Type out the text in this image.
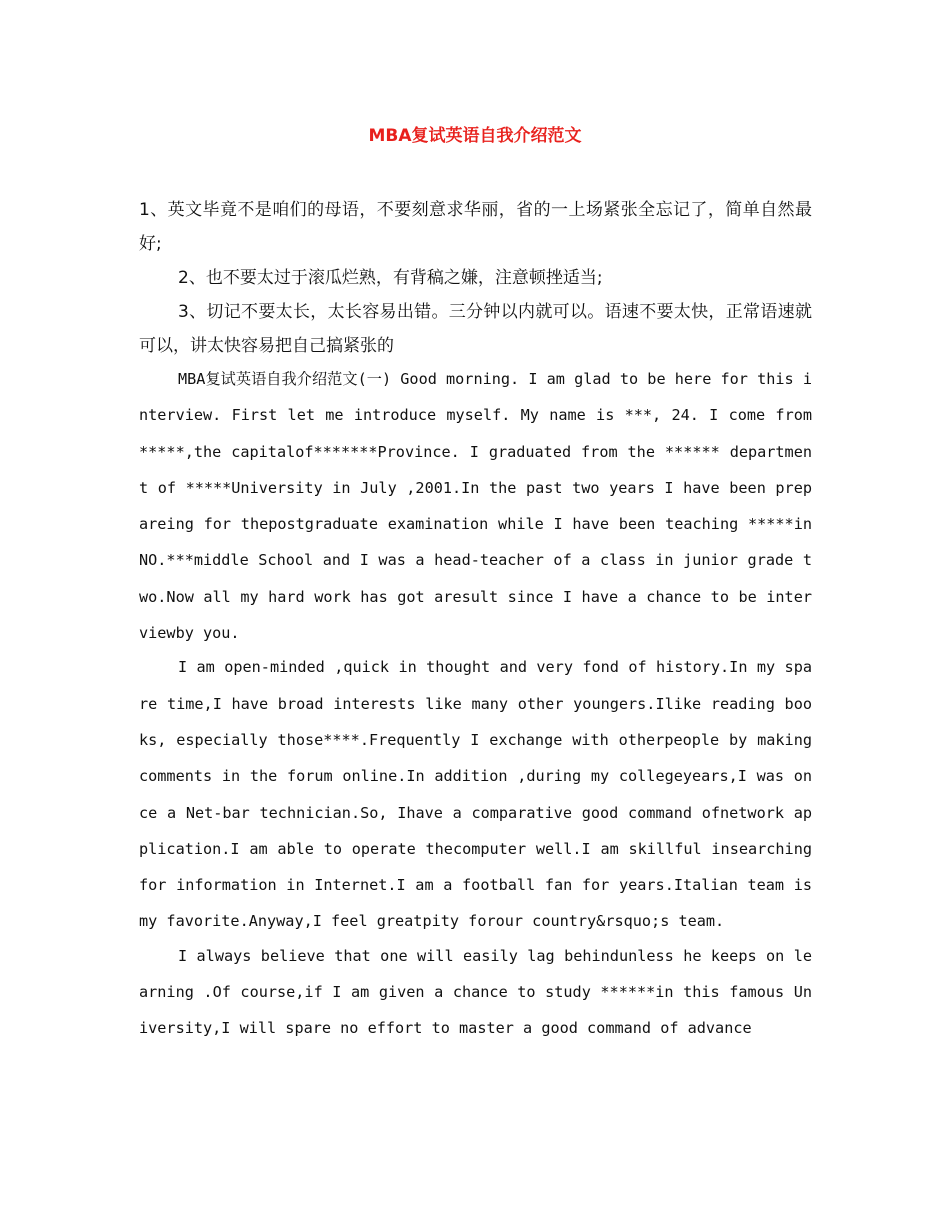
MBA复试英语自我介绍范文

1、英文毕竟不是咱们的母语，不要刻意求华丽，省的一上场紧张全忘记了，简单自然最好;

2、也不要太过于滚瓜烂熟，有背稿之嫌，注意顿挫适当;

3、切记不要太长，太长容易出错。三分钟以内就可以。语速不要太快，正常语速就可以，讲太快容易把自己搞紧张的

MBA复试英语自我介绍范文(一) Good morning. I am glad to be here for this interview. First let me introduce myself. My name is ***, 24. I come from *****,the capitalof*******Province. I graduated from the ****** department of *****University in July ,2001.In the past two years I have been prepareing for thepostgraduate examination while I have been teaching *****in NO.***middle School and I was a head-teacher of a class in junior grade two.Now all my hard work has got aresult since I have a chance to be interviewby you.

I am open-minded ,quick in thought and very fond of history.In my spare time,I have broad interests like many other youngers.Ilike reading books, especially those****.Frequently I exchange with otherpeople by making comments in the forum online.In addition ,during my collegeyears,I was once a Net-bar technician.So, Ihave a comparative good command ofnetwork application.I am able to operate thecomputer well.I am skillful insearching for information in Internet.I am a football fan for years.Italian team is my favorite.Anyway,I feel greatpity forour country&rsquo;s team.

I always believe that one will easily lag behindunless he keeps on learning .Of course,if I am given a chance to study ******in this famous University,I will spare no effort to master a good command of advance
